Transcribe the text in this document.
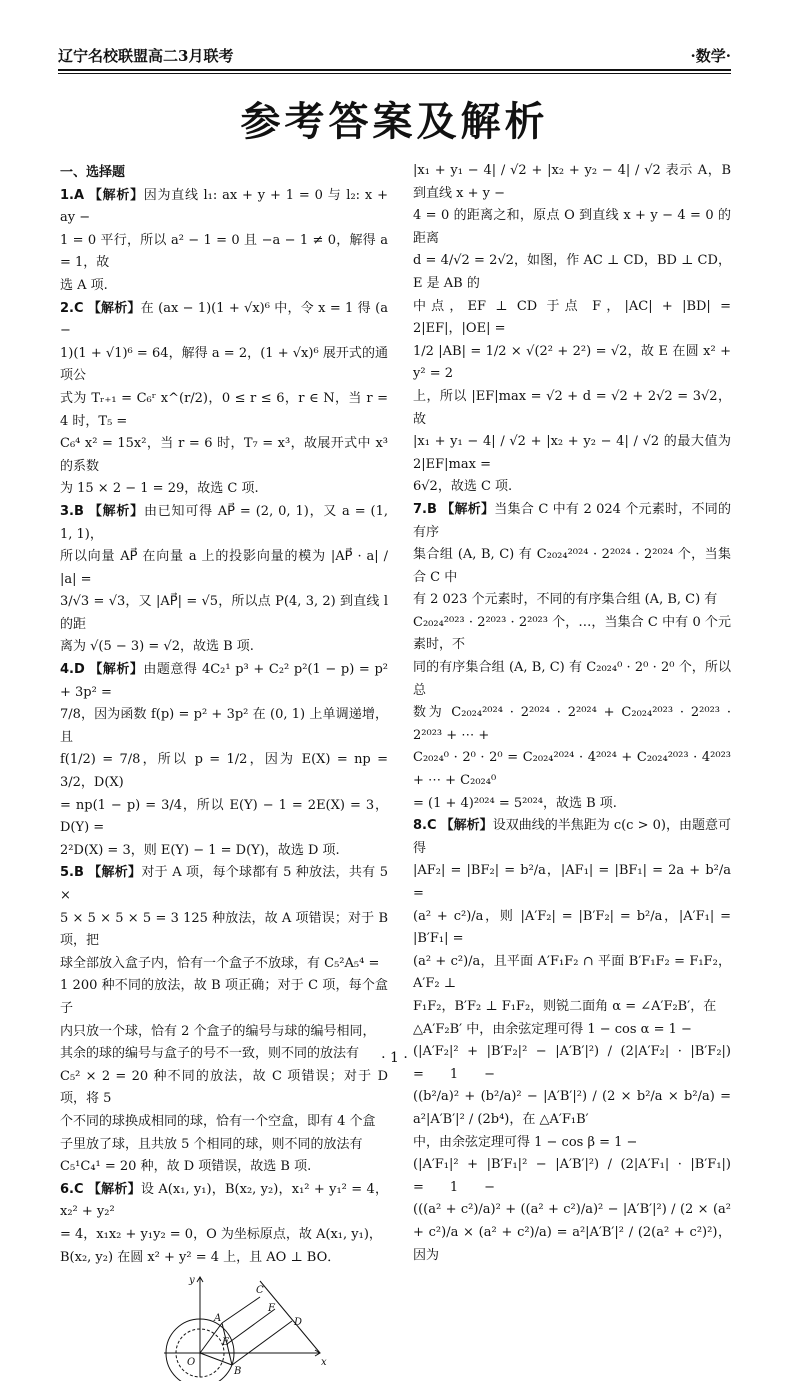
辽宁名校联盟高二3月联考	·数学·
参考答案及解析
一、选择题
1.A 【解析】因为直线 l₁: ax + y + 1 = 0 与 l₂: x + ay −
1 = 0 平行，所以 a² − 1 = 0 且 −a − 1 ≠ 0，解得 a = 1，故
选 A 项.
2.C 【解析】在 (ax − 1)(1 + √x)⁶ 中，令 x = 1 得 (a −
1)(1 + √1)⁶ = 64，解得 a = 2，(1 + √x)⁶ 展开式的通项公
式为 Tᵣ₊₁ = C₆ʳ x^(r/2)，0 ≤ r ≤ 6，r ∈ N，当 r = 4 时，T₅ =
C₆⁴ x² = 15x²，当 r = 6 时，T₇ = x³，故展开式中 x³ 的系数
为 15 × 2 − 1 = 29，故选 C 项.
3.B 【解析】由已知可得 AP⃗ = (2, 0, 1)，又 a = (1, 1, 1)，
所以向量 AP⃗ 在向量 a 上的投影向量的模为 |AP⃗ · a| / |a| =
3/√3 = √3，又 |AP⃗| = √5，所以点 P(4, 3, 2) 到直线 l 的距
离为 √(5 − 3) = √2，故选 B 项.
4.D 【解析】由题意得 4C₂¹ p³ + C₂² p²(1 − p) = p² + 3p² =
7/8，因为函数 f(p) = p² + 3p² 在 (0, 1) 上单调递增，且
f(1/2) = 7/8，所以 p = 1/2，因为 E(X) = np = 3/2，D(X)
= np(1 − p) = 3/4，所以 E(Y) − 1 = 2E(X) = 3，D(Y) =
2²D(X) = 3，则 E(Y) − 1 = D(Y)，故选 D 项.
5.B 【解析】对于 A 项，每个球都有 5 种放法，共有 5 ×
5 × 5 × 5 × 5 = 3 125 种放法，故 A 项错误；对于 B 项，把
球全部放入盒子内，恰有一个盒子不放球，有 C₅²A₅⁴ =
1 200 种不同的放法，故 B 项正确；对于 C 项，每个盒子
内只放一个球，恰有 2 个盒子的编号与球的编号相同，
其余的球的编号与盒子的号不一致，则不同的放法有
C₅² × 2 = 20 种不同的放法，故 C 项错误；对于 D 项，将 5
个不同的球换成相同的球，恰有一个空盒，即有 4 个盒
子里放了球，且共放 5 个相同的球，则不同的放法有
C₅¹C₄¹ = 20 种，故 D 项错误，故选 B 项.
6.C 【解析】设 A(x₁, y₁)，B(x₂, y₂)，x₁² + y₁² = 4，x₂² + y₂²
= 4，x₁x₂ + y₁y₂ = 0，O 为坐标原点，故 A(x₁, y₁)，
B(x₂, y₂) 在圆 x² + y² = 4 上，且 AO ⊥ BO．
y
x
C
A
F
E
D
O
B
|x₁ + y₁ − 4| / √2 + |x₂ + y₂ − 4| / √2 表示 A，B 到直线 x + y −
4 = 0 的距离之和，原点 O 到直线 x + y − 4 = 0 的距离
d = 4/√2 = 2√2，如图，作 AC ⊥ CD，BD ⊥ CD，E 是 AB 的
中点，EF ⊥ CD 于点 F，|AC| + |BD| = 2|EF|，|OE| =
1/2 |AB| = 1/2 × √(2² + 2²) = √2，故 E 在圆 x² + y² = 2
上，所以 |EF|max = √2 + d = √2 + 2√2 = 3√2，故
|x₁ + y₁ − 4| / √2 + |x₂ + y₂ − 4| / √2 的最大值为 2|EF|max =
6√2，故选 C 项.
7.B 【解析】当集合 C 中有 2 024 个元素时，不同的有序
集合组 (A, B, C) 有 C₂₀₂₄²⁰²⁴ · 2²⁰²⁴ · 2²⁰²⁴ 个，当集合 C 中
有 2 023 个元素时，不同的有序集合组 (A, B, C) 有
C₂₀₂₄²⁰²³ · 2²⁰²³ · 2²⁰²³ 个，…，当集合 C 中有 0 个元素时，不
同的有序集合组 (A, B, C) 有 C₂₀₂₄⁰ · 2⁰ · 2⁰ 个，所以总
数为 C₂₀₂₄²⁰²⁴ · 2²⁰²⁴ · 2²⁰²⁴ + C₂₀₂₄²⁰²³ · 2²⁰²³ · 2²⁰²³ + ⋯ +
C₂₀₂₄⁰ · 2⁰ · 2⁰ = C₂₀₂₄²⁰²⁴ · 4²⁰²⁴ + C₂₀₂₄²⁰²³ · 4²⁰²³ + ⋯ + C₂₀₂₄⁰
= (1 + 4)²⁰²⁴ = 5²⁰²⁴，故选 B 项.
8.C 【解析】设双曲线的半焦距为 c(c > 0)，由题意可得
|AF₂| = |BF₂| = b²/a，|AF₁| = |BF₁| = 2a + b²/a =
(a² + c²)/a，则 |A′F₂| = |B′F₂| = b²/a，|A′F₁| = |B′F₁| =
(a² + c²)/a，且平面 A′F₁F₂ ∩ 平面 B′F₁F₂ = F₁F₂，A′F₂ ⊥
F₁F₂，B′F₂ ⊥ F₁F₂，则锐二面角 α = ∠A′F₂B′，在
△A′F₂B′ 中，由余弦定理可得 1 − cos α = 1 −
(|A′F₂|² + |B′F₂|² − |A′B′|²) / (2|A′F₂| · |B′F₂|)　　=　　1　　−
((b²/a)² + (b²/a)² − |A′B′|²) / (2 × b²/a × b²/a) = a²|A′B′|² / (2b⁴)，在 △A′F₁B′
中，由余弦定理可得 1 − cos β = 1 −
(|A′F₁|² + |B′F₁|² − |A′B′|²) / (2|A′F₁| · |B′F₁|)　　=　　1　　−
(((a² + c²)/a)² + ((a² + c²)/a)² − |A′B′|²) / (2 × (a² + c²)/a × (a² + c²)/a) = a²|A′B′|² / (2(a² + c²)²)，因为
· 1 ·
